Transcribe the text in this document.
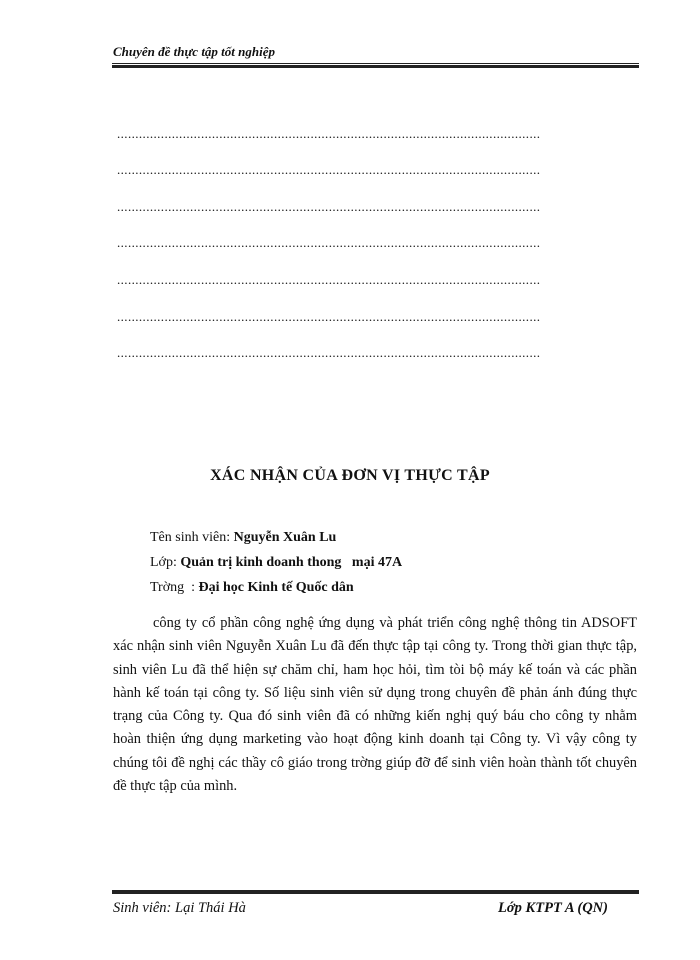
Chuyên đề thực tập tốt nghiệp
....................................................................................................................
....................................................................................................................
....................................................................................................................
....................................................................................................................
....................................................................................................................
....................................................................................................................
....................................................................................................................
XÁC NHẬN CỦA ĐƠN VỊ THỰC TẬP
Tên sinh viên: Nguyễn Xuân Lu
Lớp: Quản trị kinh doanh thong   mại 47A
Trờng  : Đại học Kinh tế Quốc dân
công ty cổ phần công nghệ ứng dụng và phát triển công nghệ thông tin ADSOFT xác nhận sinh viên Nguyễn Xuân Lu đã đến thực tập tại công ty. Trong thời gian thực tập, sinh viên Lu đã thể hiện sự chăm chỉ, ham học hỏi, tìm tòi bộ máy kế toán và các phần hành kế toán tại công ty. Số liệu sinh viên sử dụng trong chuyên đề phản ánh đúng thực trạng của Công ty. Qua đó sinh viên đã có những kiến nghị quý báu cho công ty nhằm hoàn thiện ứng dụng marketing vào hoạt động kinh doanh tại Công ty. Vì vậy công ty chúng tôi đề nghị các thầy cô giáo trong trờng giúp đỡ để sinh viên hoàn thành tốt chuyên đề thực tập của mình.
Sinh viên: Lại Thái Hà	Lớp KTPT A (QN)
